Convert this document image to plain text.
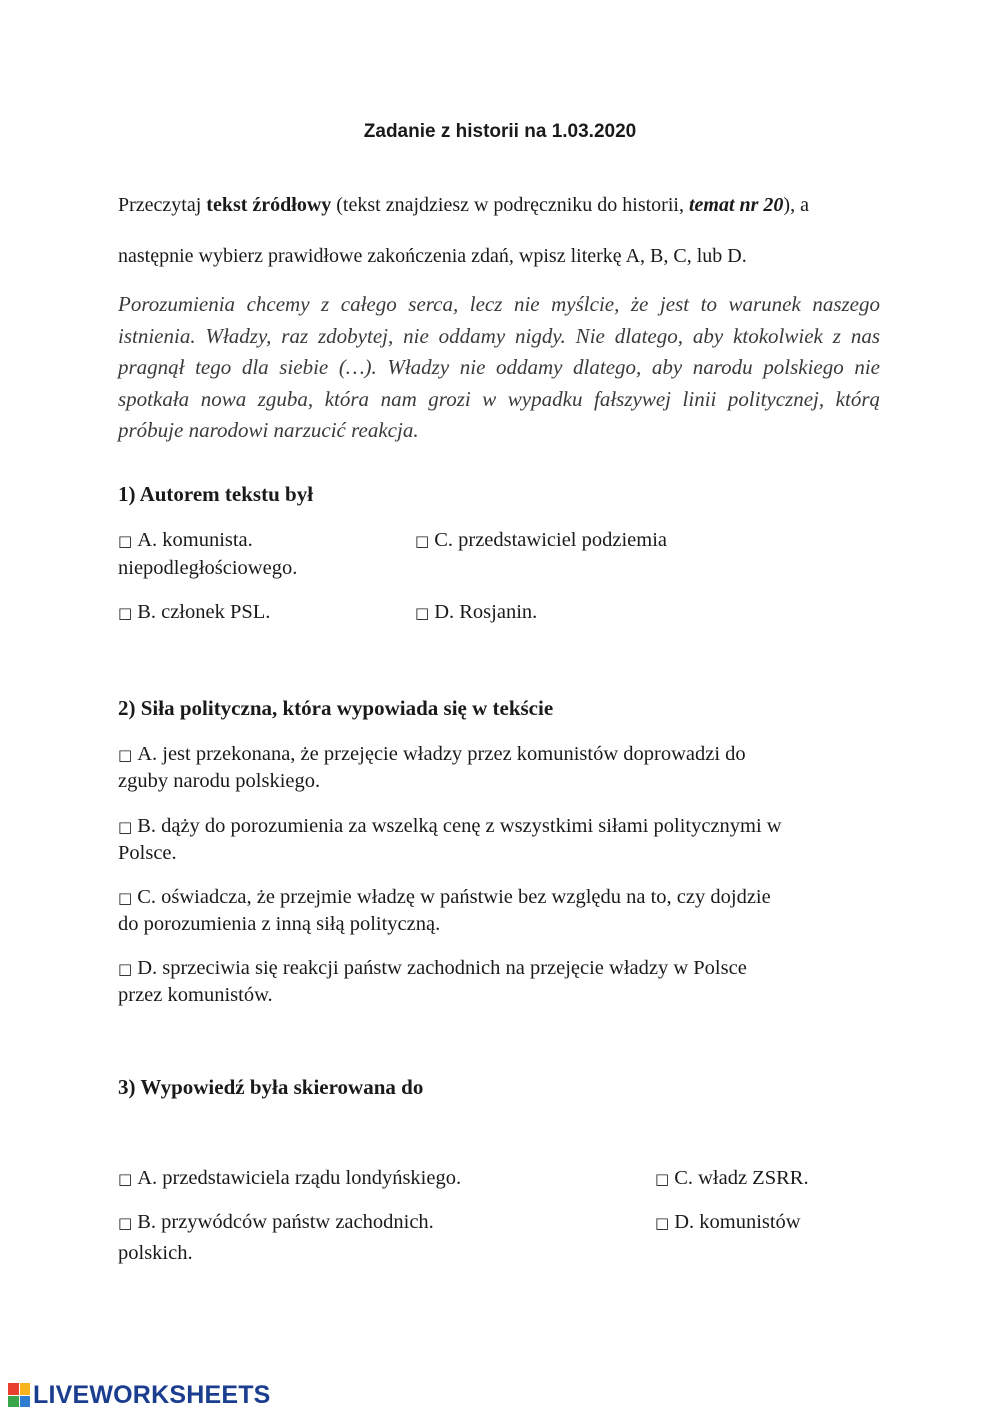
Zadanie z historii na 1.03.2020
Przeczytaj tekst źródłowy (tekst znajdziesz w podręczniku do historii, temat nr 20), a
następnie wybierz prawidłowe zakończenia zdań, wpisz literkę A, B, C, lub D.
Porozumienia chcemy z całego serca, lecz nie myślcie, że jest to warunek naszego istnienia. Władzy, raz zdobytej, nie oddamy nigdy. Nie dlatego, aby ktokolwiek z nas pragnął tego dla siebie (…). Władzy nie oddamy dlatego, aby narodu polskiego nie spotkała nowa zguba, która nam grozi w wypadku fałszywej linii politycznej, którą próbuje narodowi narzucić reakcja.
1) Autorem tekstu był
□ A. komunista.	□ C. przedstawiciel podziemia
niepodległościowego.
□ B. członek PSL.	□ D. Rosjanin.
2) Siła polityczna, która wypowiada się w tekście
□ A. jest przekonana, że przejęcie władzy przez komunistów doprowadzi do
zguby narodu polskiego.
□ B. dąży do porozumienia za wszelką cenę z wszystkimi siłami politycznymi w
Polsce.
□ C. oświadcza, że przejmie władzę w państwie bez względu na to, czy dojdzie
do porozumienia z inną siłą polityczną.
□ D. sprzeciwia się reakcji państw zachodnich na przejęcie władzy w Polsce
przez komunistów.
3) Wypowiedź była skierowana do
□ A. przedstawiciela rządu londyńskiego.	□ C. władz ZSRR.
□ B. przywódców państw zachodnich.	□ D. komunistów
polskich.
LIVEWORKSHEETS
